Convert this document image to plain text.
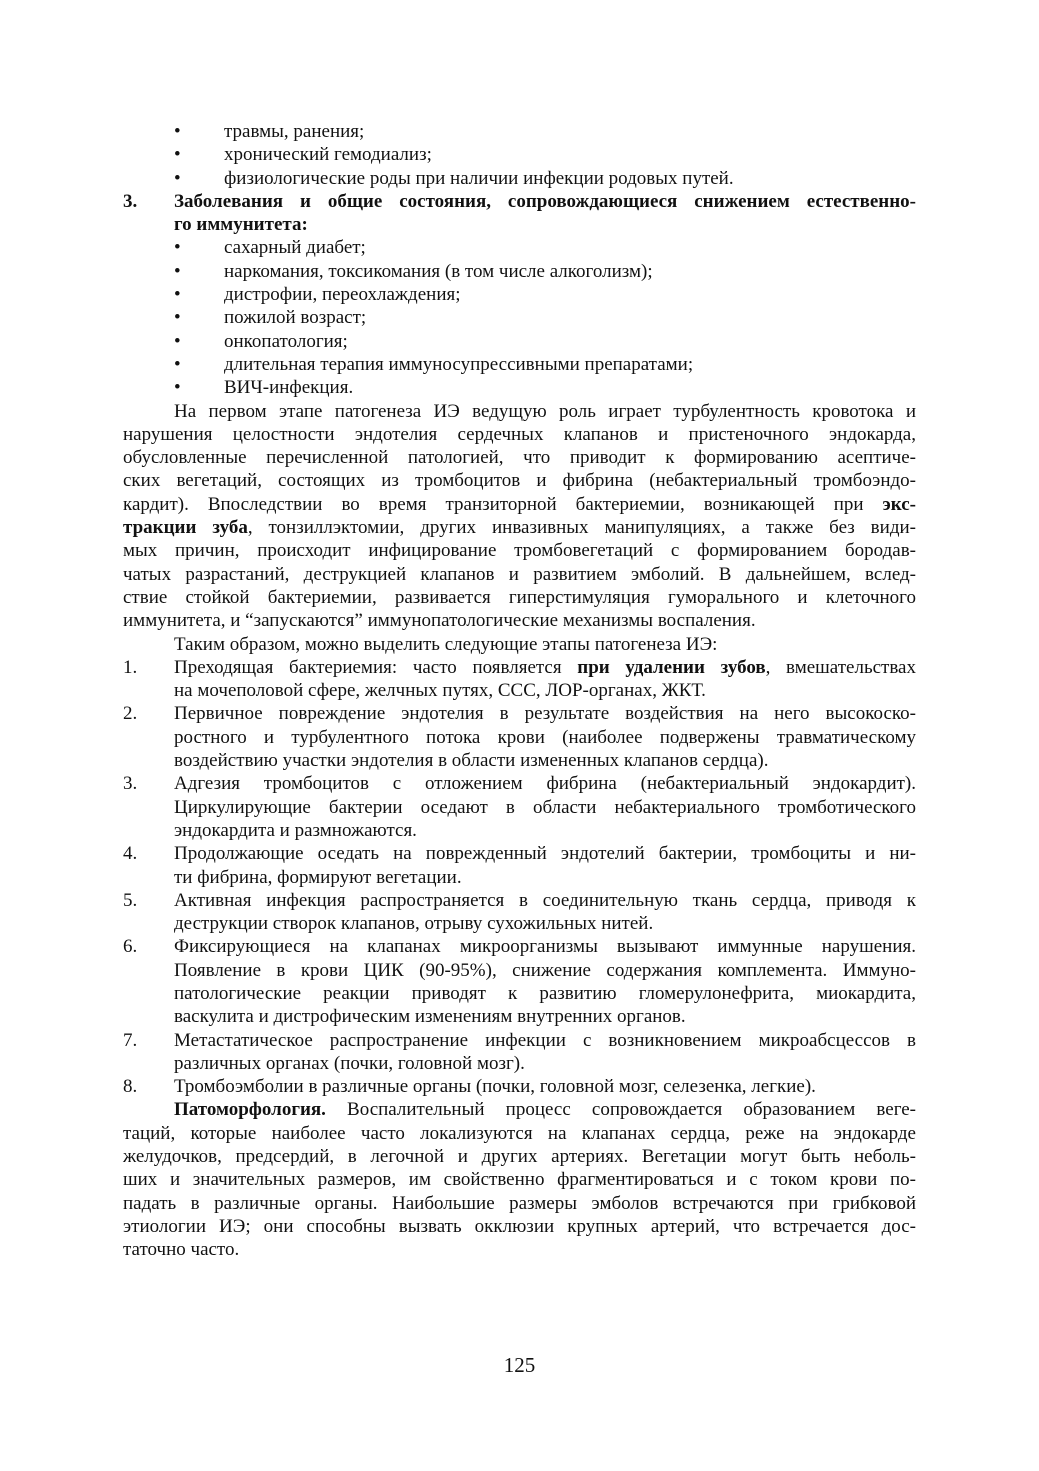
• травмы, ранения;
• хронический гемодиализ;
• физиологические роды при наличии инфекции родовых путей.
3. Заболевания и общие состояния, сопровождающиеся снижением естественно-
го иммунитета:
• сахарный диабет;
• наркомания, токсикомания (в том числе алкоголизм);
• дистрофии, переохлаждения;
• пожилой возраст;
• онкопатология;
• длительная терапия иммуносупрессивными препаратами;
• ВИЧ-инфекция.
На первом этапе патогенеза ИЭ ведущую роль играет турбулентность кровотока и
нарушения целостности эндотелия сердечных клапанов и пристеночного эндокарда,
обусловленные перечисленной патологией, что приводит к формированию асептиче-
ских вегетаций, состоящих из тромбоцитов и фибрина (небактериальный тромбоэндо-
кардит). Впоследствии во время транзиторной бактериемии, возникающей при экс-
тракции зуба, тонзиллэктомии, других инвазивных манипуляциях, а также без види-
мых причин, происходит инфицирование тромбовегетаций с формированием бородав-
чатых разрастаний, деструкцией клапанов и развитием эмболий. В дальнейшем, вслед-
ствие стойкой бактериемии, развивается гиперстимуляция гуморального и клеточного
иммунитета, и “запускаются” иммунопатологические механизмы воспаления.
Таким образом, можно выделить следующие этапы патогенеза ИЭ:
1. Преходящая бактериемия: часто появляется при удалении зубов, вмешательствах
на мочеполовой сфере, желчных путях, ССС, ЛОР-органах, ЖКТ.
2. Первичное повреждение эндотелия в результате воздействия на него высокоско-
ростного и турбулентного потока крови (наиболее подвержены травматическому
воздействию участки эндотелия в области измененных клапанов сердца).
3. Адгезия тромбоцитов с отложением фибрина (небактериальный эндокардит).
Циркулирующие бактерии оседают в области небактериального тромботического
эндокардита и размножаются.
4. Продолжающие оседать на поврежденный эндотелий бактерии, тромбоциты и ни-
ти фибрина, формируют вегетации.
5. Активная инфекция распространяется в соединительную ткань сердца, приводя к
деструкции створок клапанов, отрыву сухожильных нитей.
6. Фиксирующиеся на клапанах микроорганизмы вызывают иммунные нарушения.
Появление в крови ЦИК (90-95%), снижение содержания комплемента. Иммуно-
патологические реакции приводят к развитию гломерулонефрита, миокардита,
васкулита и дистрофическим изменениям внутренних органов.
7. Метастатическое распространение инфекции с возникновением микроабсцессов в
различных органах (почки, головной мозг).
8. Тромбоэмболии в различные органы (почки, головной мозг, селезенка, легкие).
Патоморфология. Воспалительный процесс сопровождается образованием веге-
таций, которые наиболее часто локализуются на клапанах сердца, реже на эндокарде
желудочков, предсердий, в легочной и других артериях. Вегетации могут быть неболь-
ших и значительных размеров, им свойственно фрагментироваться и с током крови по-
падать в различные органы. Наибольшие размеры эмболов встречаются при грибковой
этиологии ИЭ; они способны вызвать окклюзии крупных артерий, что встречается дос-
таточно часто.
125
